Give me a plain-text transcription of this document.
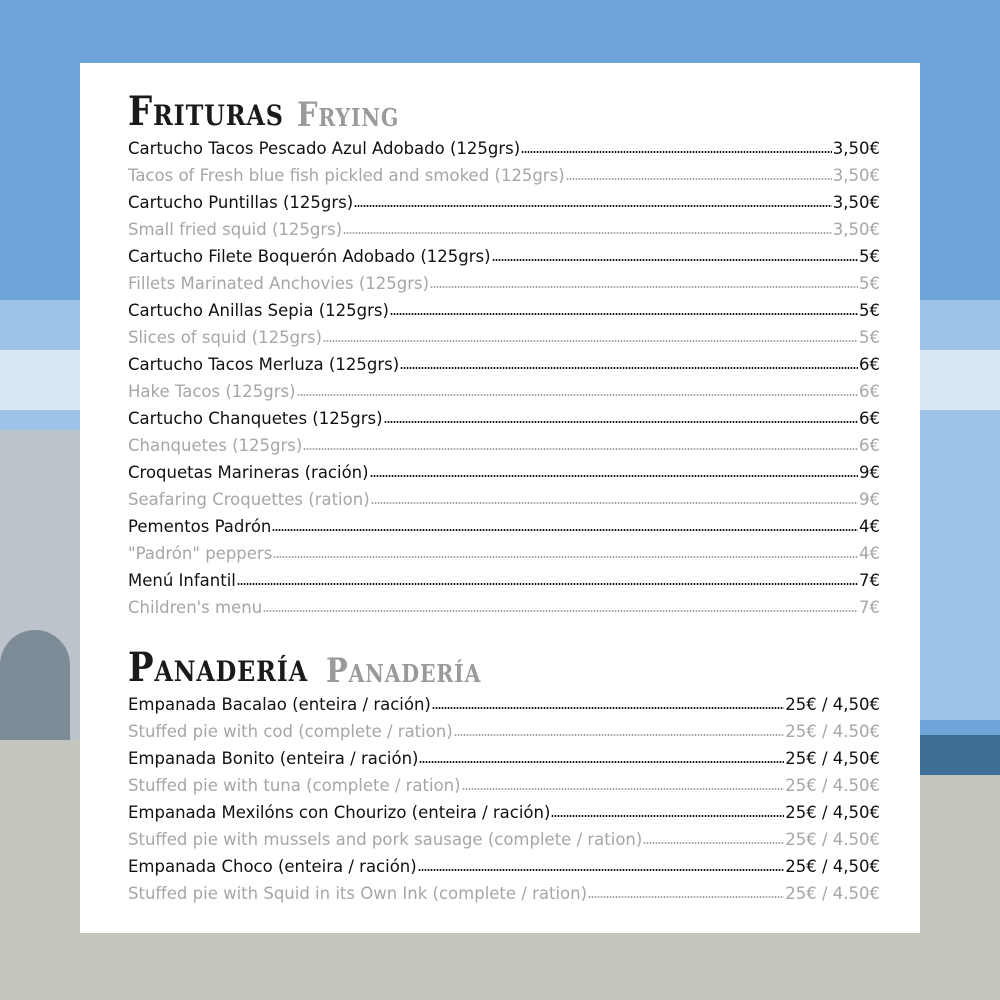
Frituras Frying
Cartucho Tacos Pescado Azul Adobado (125grs)	3,50€
Tacos of Fresh blue fish pickled and smoked (125grs)	3,50€
Cartucho Puntillas (125grs)	3,50€
Small fried squid (125grs)	3,50€
Cartucho Filete Boquerón Adobado (125grs)	5€
Fillets Marinated Anchovies (125grs)	5€
Cartucho Anillas Sepia (125grs)	5€
Slices of squid (125grs)	5€
Cartucho Tacos Merluza (125grs)	6€
Hake Tacos (125grs)	6€
Cartucho Chanquetes (125grs)	6€
Chanquetes (125grs)	6€
Croquetas Marineras (ración)	9€
Seafaring Croquettes (ration)	9€
Pementos Padrón	4€
"Padrón" peppers	4€
Menú Infantil	7€
Children's menu	7€
Panadería Panadería
Empanada Bacalao (enteira / ración)	25€ / 4,50€
Stuffed pie with cod (complete / ration)	25€ / 4.50€
Empanada Bonito (enteira / ración)	25€ / 4,50€
Stuffed pie with tuna (complete / ration)	25€ / 4.50€
Empanada Mexilóns con Chourizo (enteira / ración)	25€ / 4,50€
Stuffed pie with mussels and pork sausage (complete / ration)	25€ / 4.50€
Empanada Choco (enteira / ración)	25€ / 4,50€
Stuffed pie with Squid in its Own Ink (complete / ration)	25€ / 4.50€
